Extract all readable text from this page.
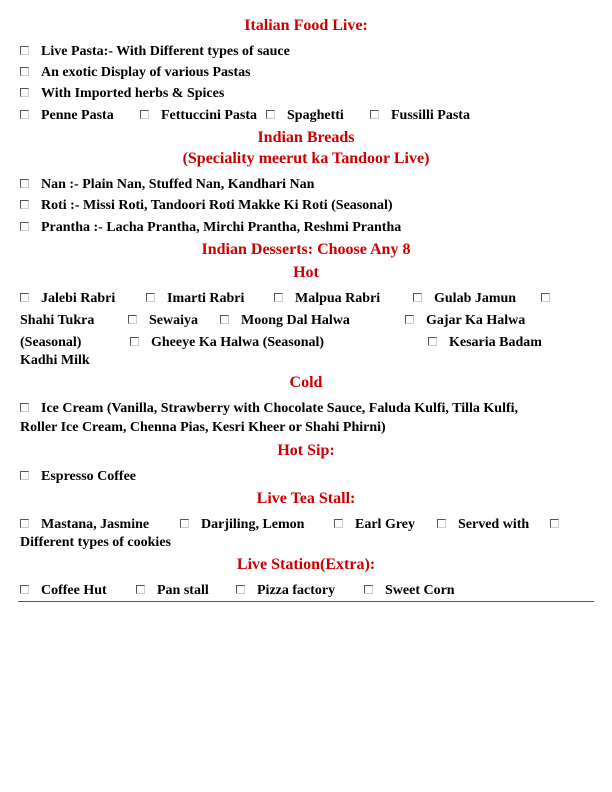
Italian Food Live:
Live Pasta:- With Different types of sauce
An exotic Display of various Pastas
With Imported herbs & Spices
Penne Pasta	Fettuccini Pasta Spaghetti	Fussilli Pasta
Indian Breads
(Speciality meerut ka Tandoor Live)
Nan :- Plain Nan, Stuffed Nan, Kandhari Nan
Roti :- Missi Roti, Tandoori Roti Makke Ki Roti (Seasonal)
Prantha :- Lacha Prantha, Mirchi Prantha, Reshmi Prantha
Indian Desserts: Choose Any 8
Hot
Jalebi Rabri	Imarti Rabri	Malpua Rabri	Gulab Jamun
Shahi Tukra	Sewaiya	Moong Dal Halwa	Gajar Ka Halwa
(Seasonal)	Gheeye Ka Halwa (Seasonal)	Kesaria Badam
Kadhi Milk
Cold
Ice Cream (Vanilla, Strawberry with Chocolate Sauce, Faluda Kulfi, Tilla Kulfi,
Roller Ice Cream, Chenna Pias, Kesri Kheer or Shahi Phirni)
Hot Sip:
Espresso Coffee
Live Tea Stall:
Mastana, Jasmine	Darjiling, Lemon	Earl Grey	Served with
Different types of cookies
Live Station(Extra):
Coffee Hut	Pan stall	Pizza factory	Sweet Corn
